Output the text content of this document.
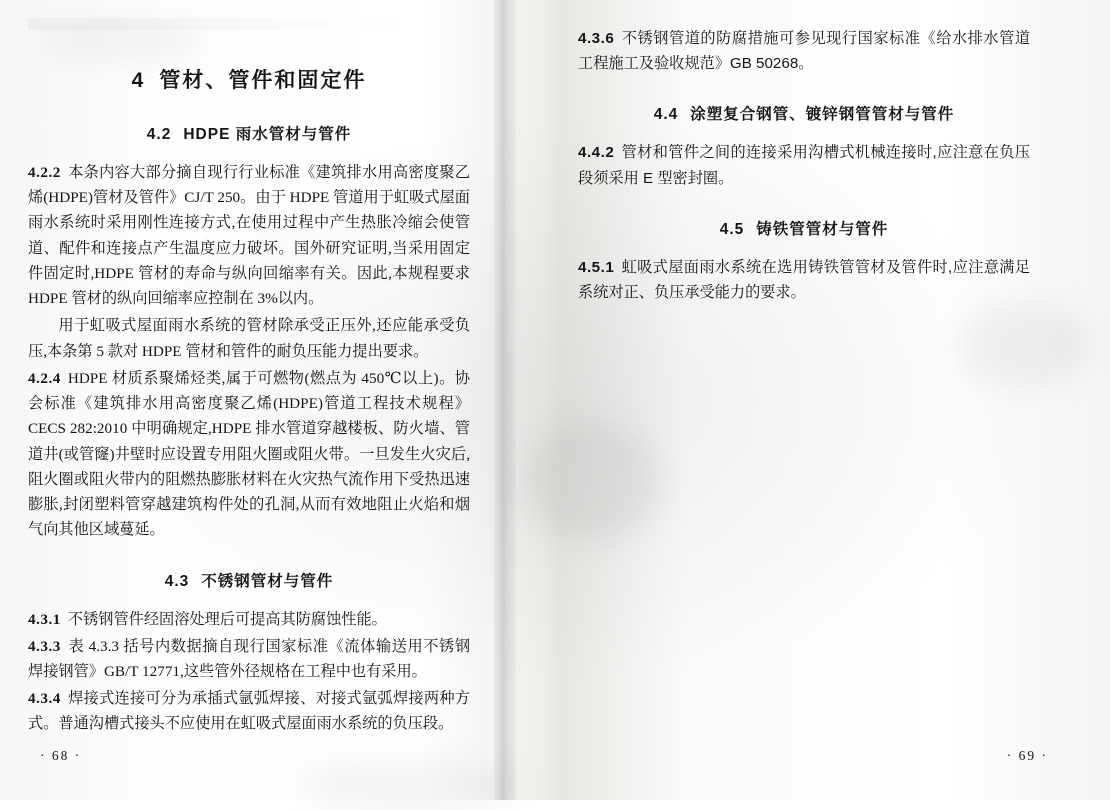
4 管材、管件和固定件
4.2 HDPE 雨水管材与管件

4.2.2 本条内容大部分摘自现行行业标准《建筑排水用高密度聚乙烯(HDPE)管材及管件》CJ/T 250。由于 HDPE 管道用于虹吸式屋面雨水系统时采用刚性连接方式,在使用过程中产生热胀冷缩会使管道、配件和连接点产生温度应力破坏。国外研究证明,当采用固定件固定时,HDPE 管材的寿命与纵向回缩率有关。因此,本规程要求 HDPE 管材的纵向回缩率应控制在 3%以内。

用于虹吸式屋面雨水系统的管材除承受正压外,还应能承受负压,本条第 5 款对 HDPE 管材和管件的耐负压能力提出要求。

4.2.4 HDPE 材质系聚烯烃类,属于可燃物(燃点为 450℃以上)。协会标准《建筑排水用高密度聚乙烯(HDPE)管道工程技术规程》CECS 282:2010 中明确规定,HDPE 排水管道穿越楼板、防火墙、管道井(或管窿)井壁时应设置专用阻火圈或阻火带。一旦发生火灾后,阻火圈或阻火带内的阻燃热膨胀材料在火灾热气流作用下受热迅速膨胀,封闭塑料管穿越建筑构件处的孔洞,从而有效地阻止火焰和烟气向其他区域蔓延。

4.3 不锈钢管材与管件

4.3.1 不锈钢管件经固溶处理后可提高其防腐蚀性能。

4.3.3 表 4.3.3 括号内数据摘自现行国家标准《流体输送用不锈钢焊接钢管》GB/T 12771,这些管外径规格在工程中也有采用。

4.3.4 焊接式连接可分为承插式氩弧焊接、对接式氩弧焊接两种方式。普通沟槽式接头不应使用在虹吸式屋面雨水系统的负压段。

· 68 ·

4.3.6 不锈钢管道的防腐措施可参见现行国家标准《给水排水管道工程施工及验收规范》GB 50268。

4.4 涂塑复合钢管、镀锌钢管管材与管件

4.4.2 管材和管件之间的连接采用沟槽式机械连接时,应注意在负压段须采用 E 型密封圈。

4.5 铸铁管管材与管件

4.5.1 虹吸式屋面雨水系统在选用铸铁管管材及管件时,应注意满足系统对正、负压承受能力的要求。

· 69 ·
